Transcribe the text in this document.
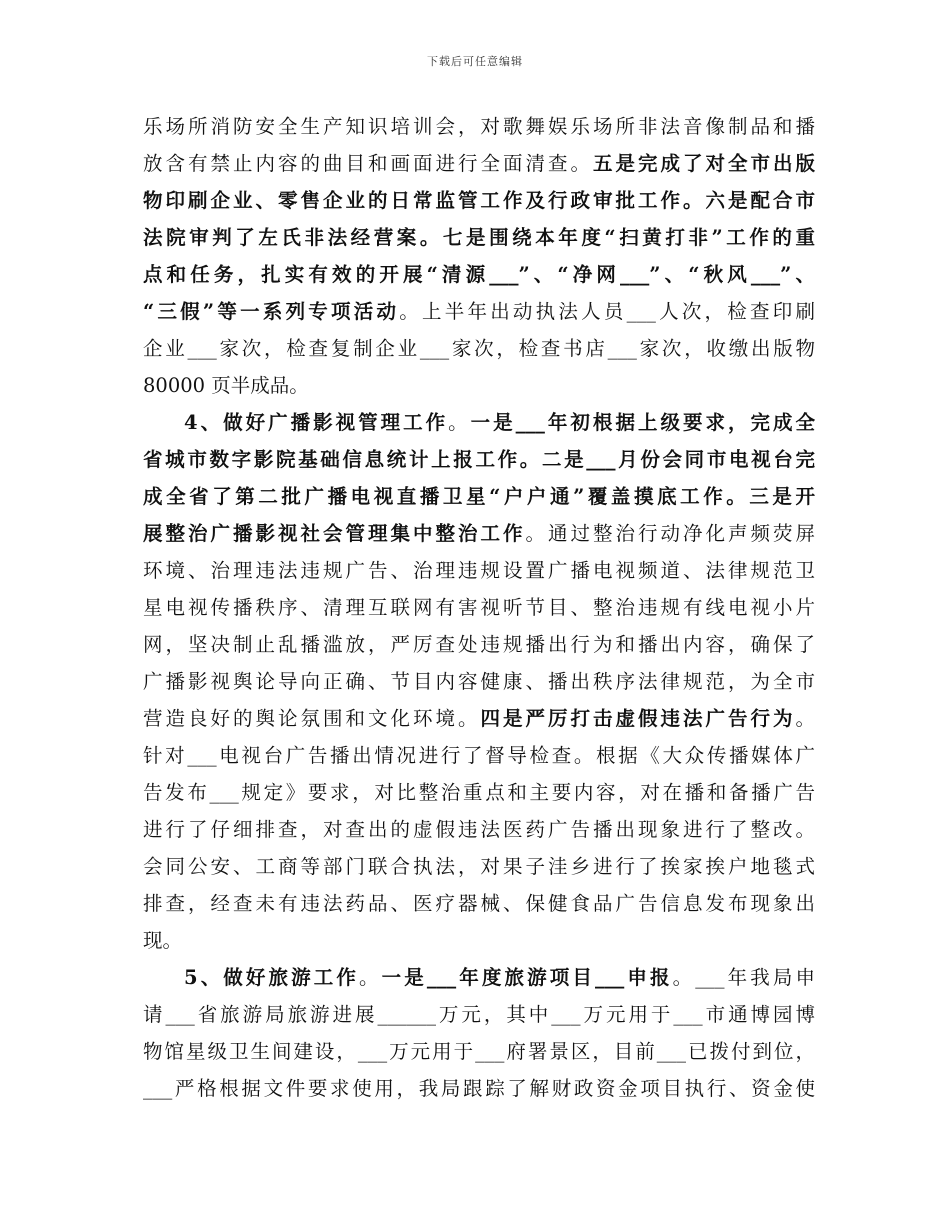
下载后可任意编辑
乐场所消防安全生产知识培训会，对歌舞娱乐场所非法音像制品和播
放含有禁止内容的曲目和画面进行全面清查。五是完成了对全市出版
物印刷企业、零售企业的日常监管工作及行政审批工作。六是配合市
法院审判了左氏非法经营案。七是围绕本年度“扫黄打非”工作的重
点和任务，扎实有效的开展“清源___”、“净网___”、“秋风___”、
“三假”等一系列专项活动。上半年出动执法人员___人次，检查印刷
企业___家次，检查复制企业___家次，检查书店___家次，收缴出版物
80000 页半成品。
4、做好广播影视管理工作。一是___年初根据上级要求，完成全
省城市数字影院基础信息统计上报工作。二是___月份会同市电视台完
成全省了第二批广播电视直播卫星“户户通”覆盖摸底工作。三是开
展整治广播影视社会管理集中整治工作。通过整治行动净化声频荧屏
环境、治理违法违规广告、治理违规设置广播电视频道、法律规范卫
星电视传播秩序、清理互联网有害视听节目、整治违规有线电视小片
网，坚决制止乱播滥放，严厉查处违规播出行为和播出内容，确保了
广播影视舆论导向正确、节目内容健康、播出秩序法律规范，为全市
营造良好的舆论氛围和文化环境。四是严厉打击虚假违法广告行为。
针对___电视台广告播出情况进行了督导检查。根据《大众传播媒体广
告发布___规定》要求，对比整治重点和主要内容，对在播和备播广告
进行了仔细排查，对查出的虚假违法医药广告播出现象进行了整改。
会同公安、工商等部门联合执法，对果子洼乡进行了挨家挨户地毯式
排查，经查未有违法药品、医疗器械、保健食品广告信息发布现象出
现。
5、做好旅游工作。一是___年度旅游项目___申报。___年我局申
请___省旅游局旅游进展______万元，其中___万元用于___市通博园博
物馆星级卫生间建设，___万元用于___府署景区，目前___已拨付到位，
___严格根据文件要求使用，我局跟踪了解财政资金项目执行、资金使
